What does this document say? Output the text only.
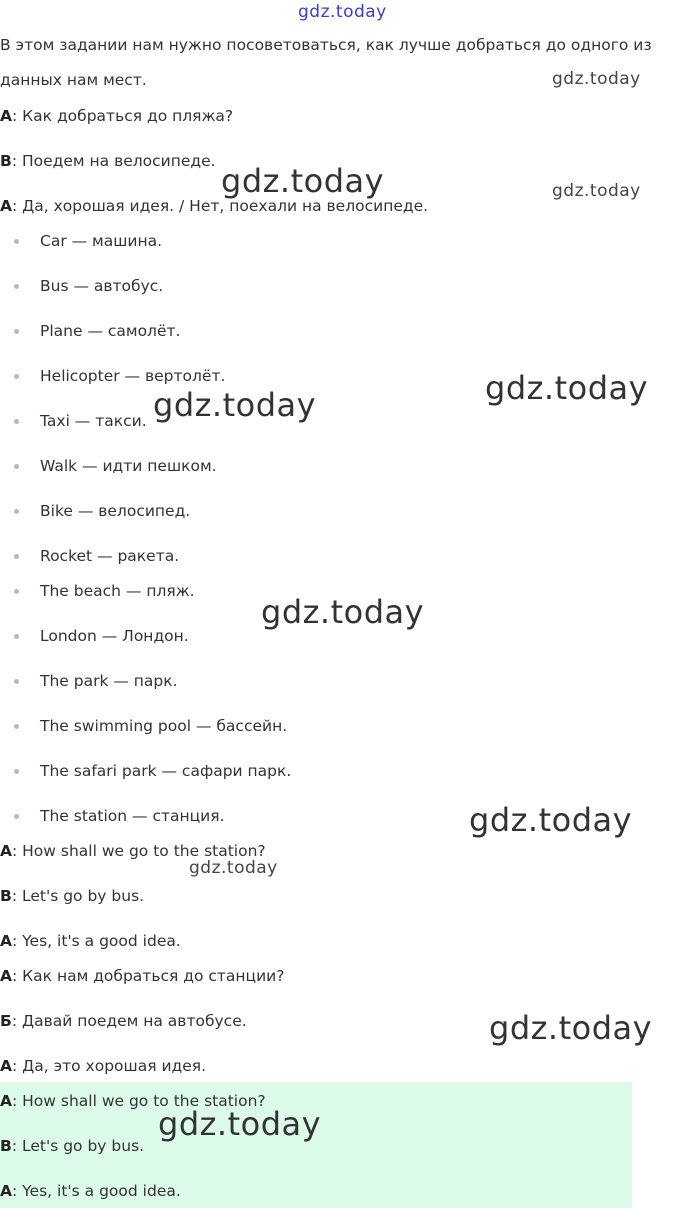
gdz.today
gdz.today
gdz.today
gdz.today
gdz.today
gdz.today
gdz.today
gdz.today
gdz.today
gdz.today
gdz.today
В этом задании нам нужно посоветоваться, как лучше добраться до одного из
данных нам мест.
A: Как добраться до пляжа?
B: Поедем на велосипеде.
A: Да, хорошая идея. / Нет, поехали на велосипеде.
Car — машина.
Bus — автобус.
Plane — самолёт.
Helicopter — вертолёт.
Taxi — такси.
Walk — идти пешком.
Bike — велосипед.
Rocket — ракета.
The beach — пляж.
London — Лондон.
The park — парк.
The swimming pool — бассейн.
The safari park — сафари парк.
The station — станция.
A: How shall we go to the station?
B: Let's go by bus.
A: Yes, it's a good idea.
A: Как нам добраться до станции?
Б: Давай поедем на автобусе.
A: Да, это хорошая идея.
A: How shall we go to the station?
B: Let's go by bus.
A: Yes, it's a good idea.
